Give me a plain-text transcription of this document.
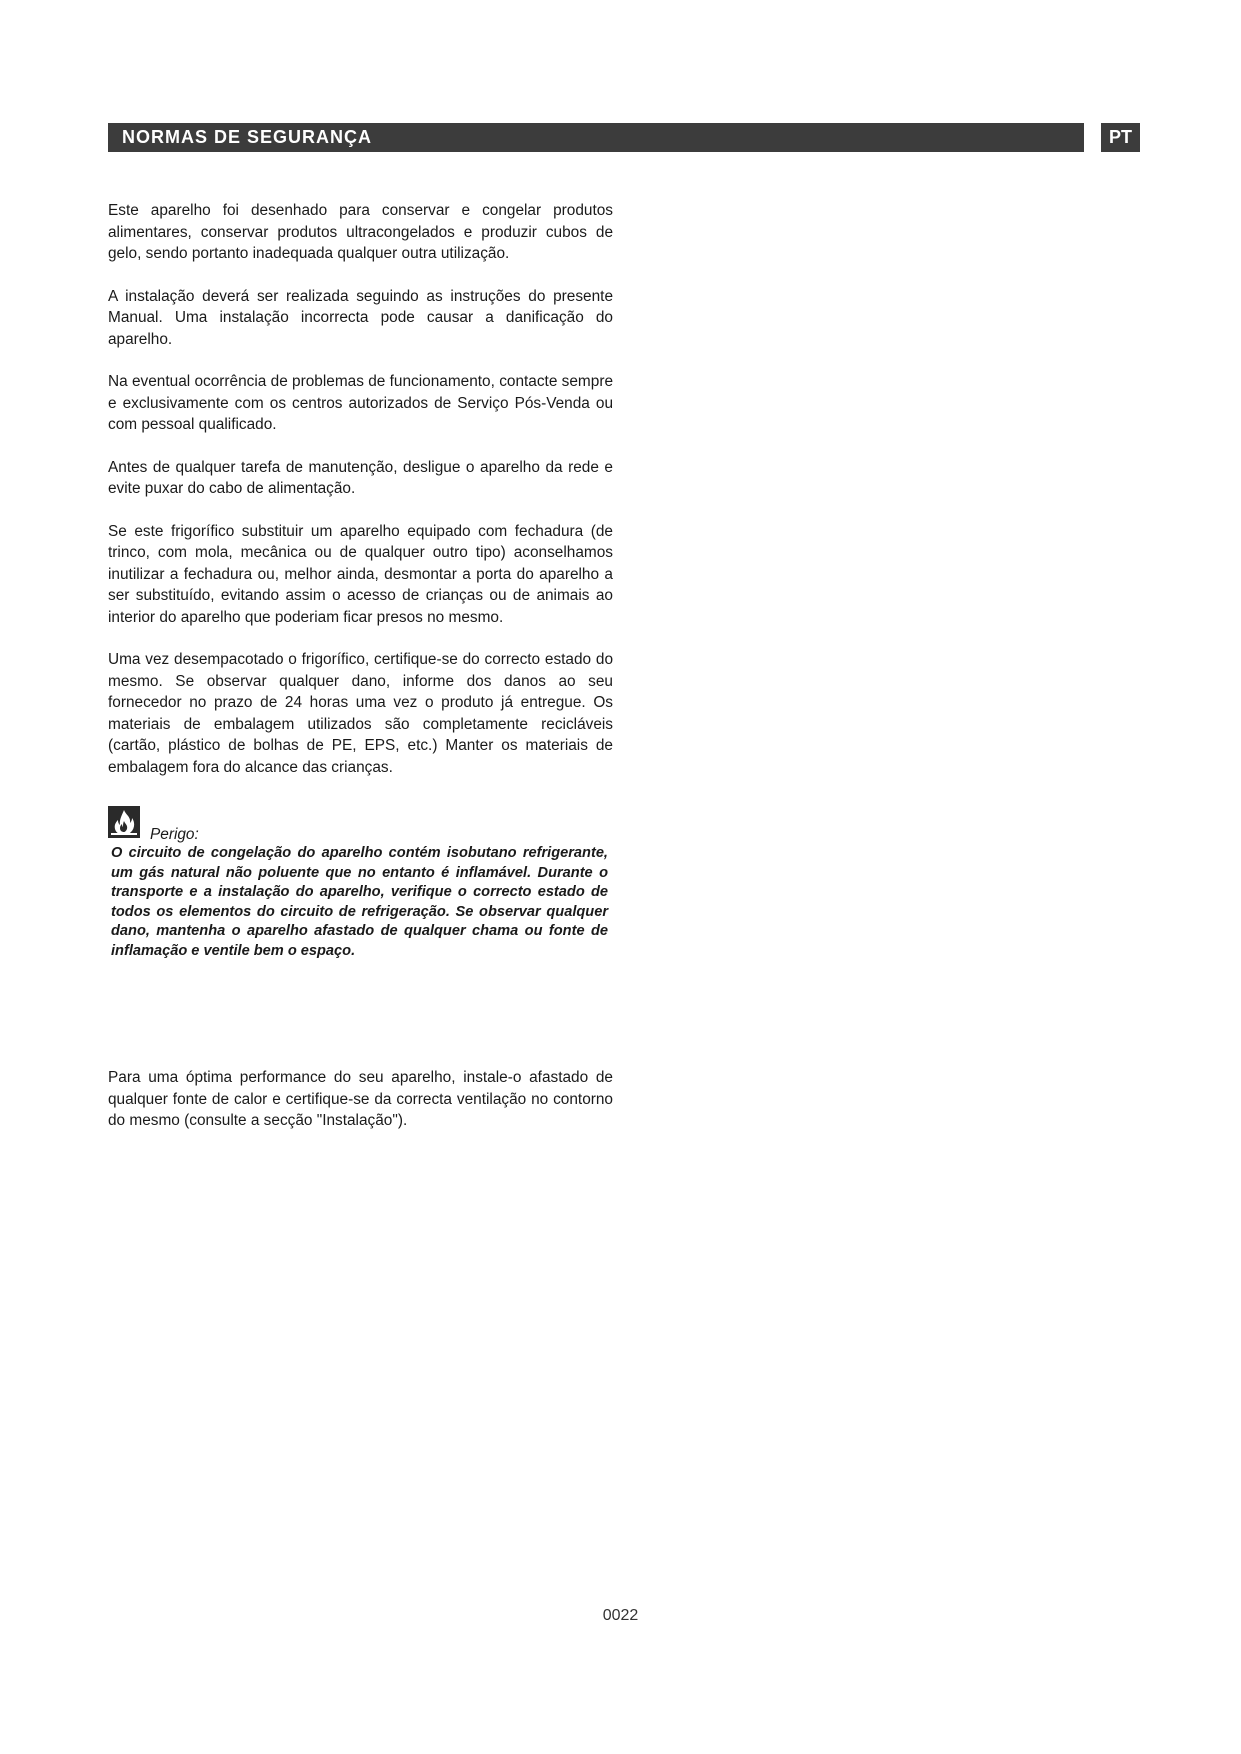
NORMAS DE SEGURANÇA	PT

Este aparelho foi desenhado para conservar e congelar produtos alimentares, conservar produtos ultracongelados e produzir cubos de gelo, sendo portanto inadequada qualquer outra utilização.

A instalação deverá ser realizada seguindo as instruções do presente Manual. Uma instalação incorrecta pode causar a danificação do aparelho.

Na eventual ocorrência de problemas de funcionamento, contacte sempre e exclusivamente com os centros autorizados de Serviço Pós-Venda ou com pessoal qualificado.

Antes de qualquer tarefa de manutenção, desligue o aparelho da rede e evite puxar do cabo de alimentação.

Se este frigorífico substituir um aparelho equipado com fechadura (de trinco, com mola, mecânica ou de qualquer outro tipo) aconselhamos inutilizar a fechadura ou, melhor ainda, desmontar a porta do aparelho a ser substituído, evitando assim o acesso de crianças ou de animais ao interior do aparelho que poderiam ficar presos no mesmo.

Uma vez desempacotado o frigorífico, certifique-se do correcto estado do mesmo. Se observar qualquer dano, informe dos danos ao seu fornecedor no prazo de 24 horas uma vez o produto já entregue. Os materiais de embalagem utilizados são completamente recicláveis (cartão, plástico de bolhas de PE, EPS, etc.) Manter os materiais de embalagem fora do alcance das crianças.

Perigo:
O circuito de congelação do aparelho contém isobutano refrigerante, um gás natural não poluente que no entanto é inflamável. Durante o transporte e a instalação do aparelho, verifique o correcto estado de todos os elementos do circuito de refrigeração. Se observar qualquer dano, mantenha o aparelho afastado de qualquer chama ou fonte de inflamação e ventile bem o espaço.

Para uma óptima performance do seu aparelho, instale-o afastado de qualquer fonte de calor e certifique-se da correcta ventilação no contorno do mesmo (consulte a secção "Instalação").

0022
